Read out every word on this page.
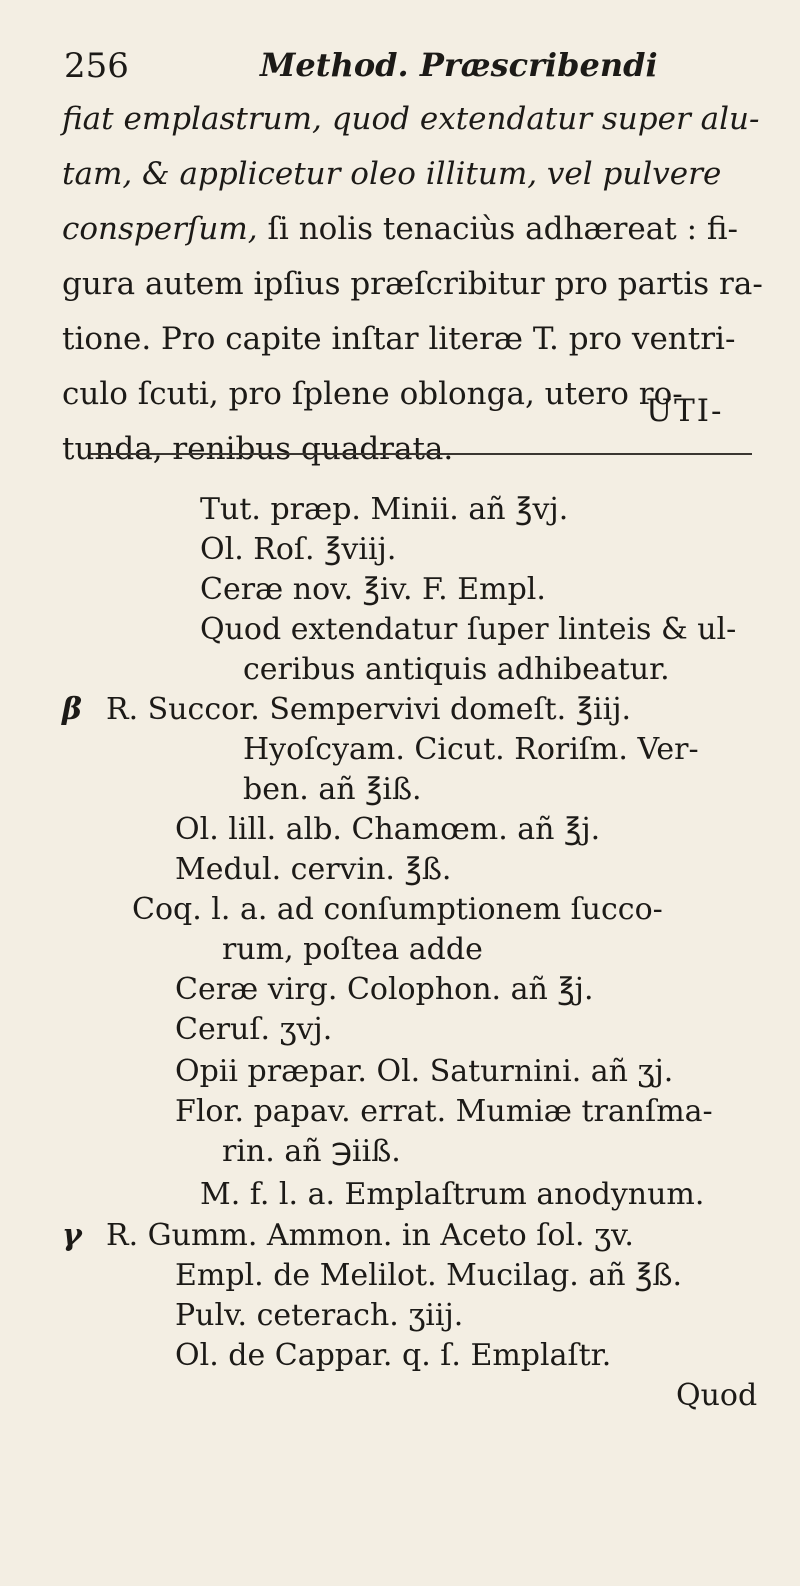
256	Method. Præscribendi
fiat emplastrum, quod extendatur super alu-
tam, & applicetur oleo illitum, vel pulvere
consperſum, ſi nolis tenaciùs adhæreat : fi-
gura autem ipſius præſcribitur pro partis ra-
tione. Pro capite inſtar literæ T. pro ventri-
culo ſcuti, pro ſplene oblonga, utero ro-
tunda, renibus quadrata.
UTI-
Tut. præp. Minii. añ ℥vj.
Ol. Roſ. ℥viij.
Ceræ nov. ℥iv. F. Empl.
Quod extendatur ſuper linteis & ul-
ceribus antiquis adhibeatur.
β R. Succor. Sempervivi domeſt. ℥iij.
Hyoſcyam. Cicut. Roriſm. Ver-
ben. añ ℥iß.
Ol. lill. alb. Chamœm. añ ℥j.
Medul. cervin. ℥ß.
Coq. l. a. ad conſumptionem ſucco-
rum, poſtea adde
Ceræ virg. Colophon. añ ℥j.
Ceruſ. ʒvj.
Opii præpar. Ol. Saturnini. añ ʒj.
Flor. papav. errat. Mumiæ tranſma-
rin. añ ℈iiß.
M. f. l. a. Emplaſtrum anodynum.
γ R. Gumm. Ammon. in Aceto ſol. ʒv.
Empl. de Melilot. Mucilag. añ ℥ß.
Pulv. ceterach. ʒiij.
Ol. de Cappar. q. ſ. Emplaſtr.
Quod
